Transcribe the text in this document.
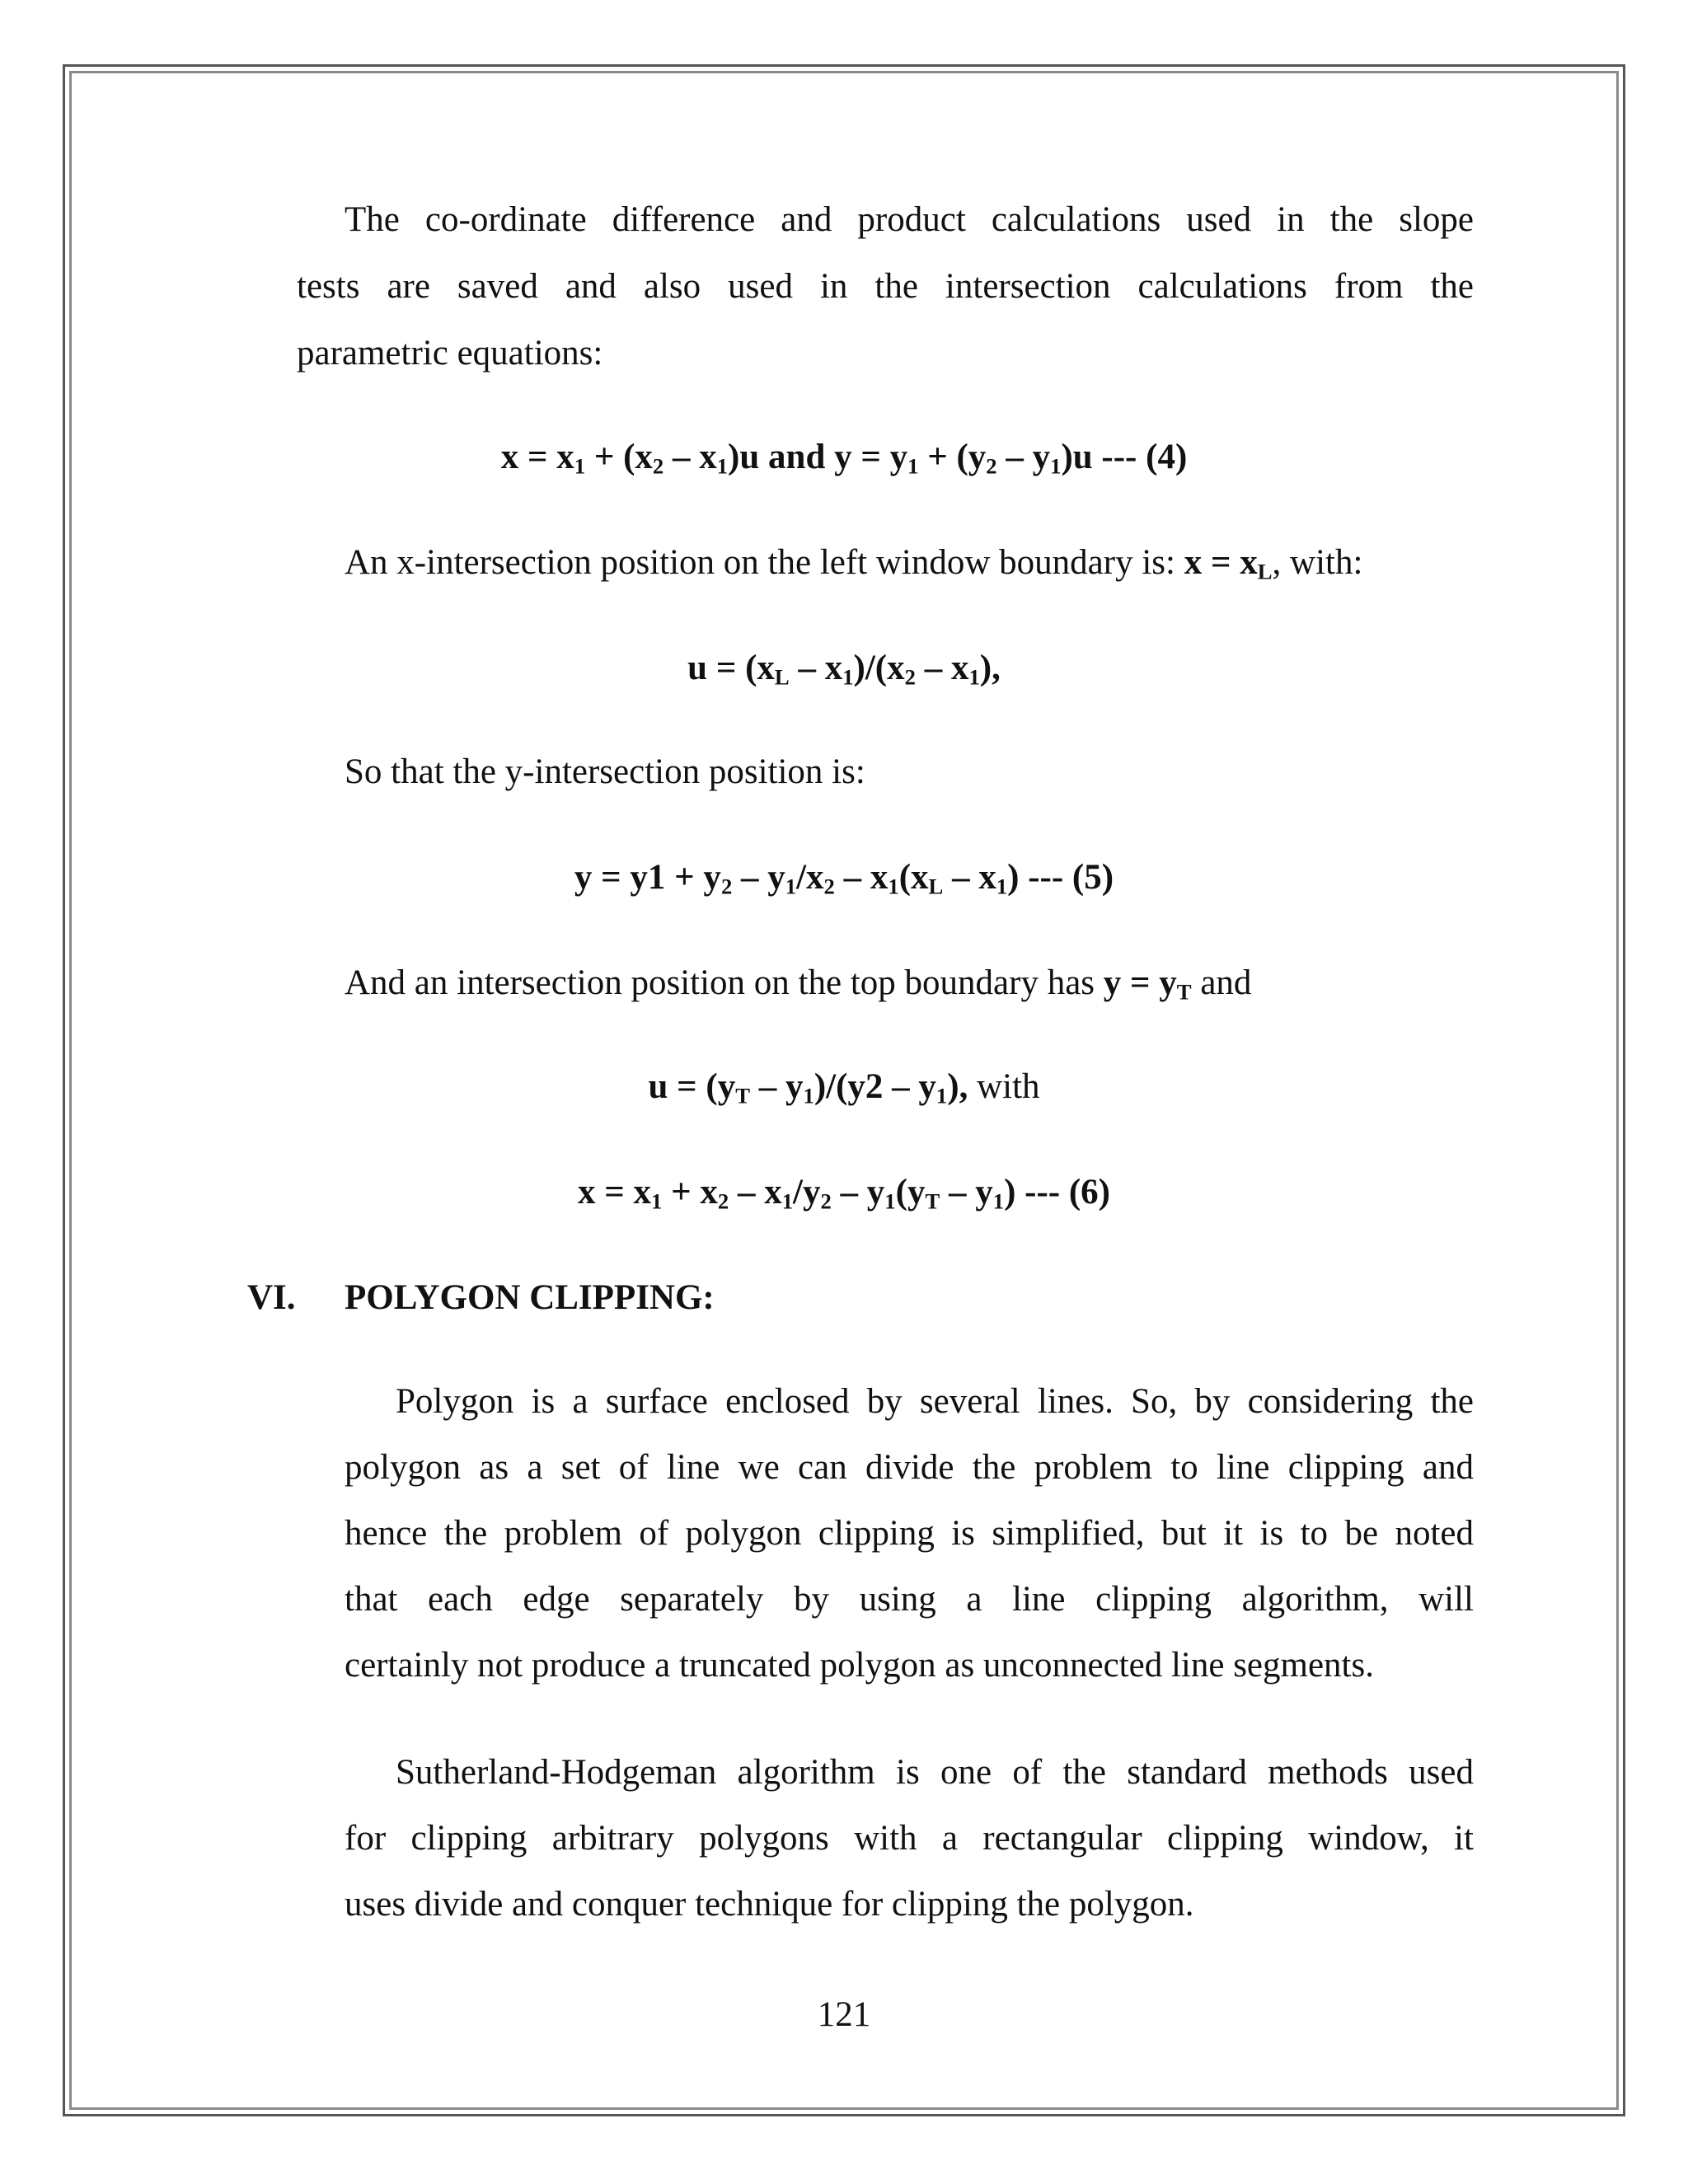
The co-ordinate difference and product calculations used in the slope
tests are saved and also used in the intersection calculations from the
parametric equations:
$x = x_1 + (x_2 - x_1)u$ and $y = y_1 + (y_2 - y_1)u$ --- (4)
An x-intersection position on the left window boundary is: $x = x_L$, with:
$u = (x_L - x_1)/(x_2 - x_1)$,
So that the y-intersection position is:
$y = y1 + y_2 - y_1/x_2 - x_1(x_L - x_1)$ --- (5)
And an intersection position on the top boundary has $y = y_T$ and
$u = (y_T - y_1)/(y2 - y_1)$, with
$x = x_1 + x_2 - x_1/y_2 - y_1(y_T - y_1)$ --- (6)
VI. POLYGON CLIPPING:
Polygon is a surface enclosed by several lines. So, by considering the
polygon as a set of line we can divide the problem to line clipping and
hence the problem of polygon clipping is simplified, but it is to be noted
that each edge separately by using a line clipping algorithm, will
certainly not produce a truncated polygon as unconnected line segments.
Sutherland-Hodgeman algorithm is one of the standard methods used
for clipping arbitrary polygons with a rectangular clipping window, it
uses divide and conquer technique for clipping the polygon.
121
